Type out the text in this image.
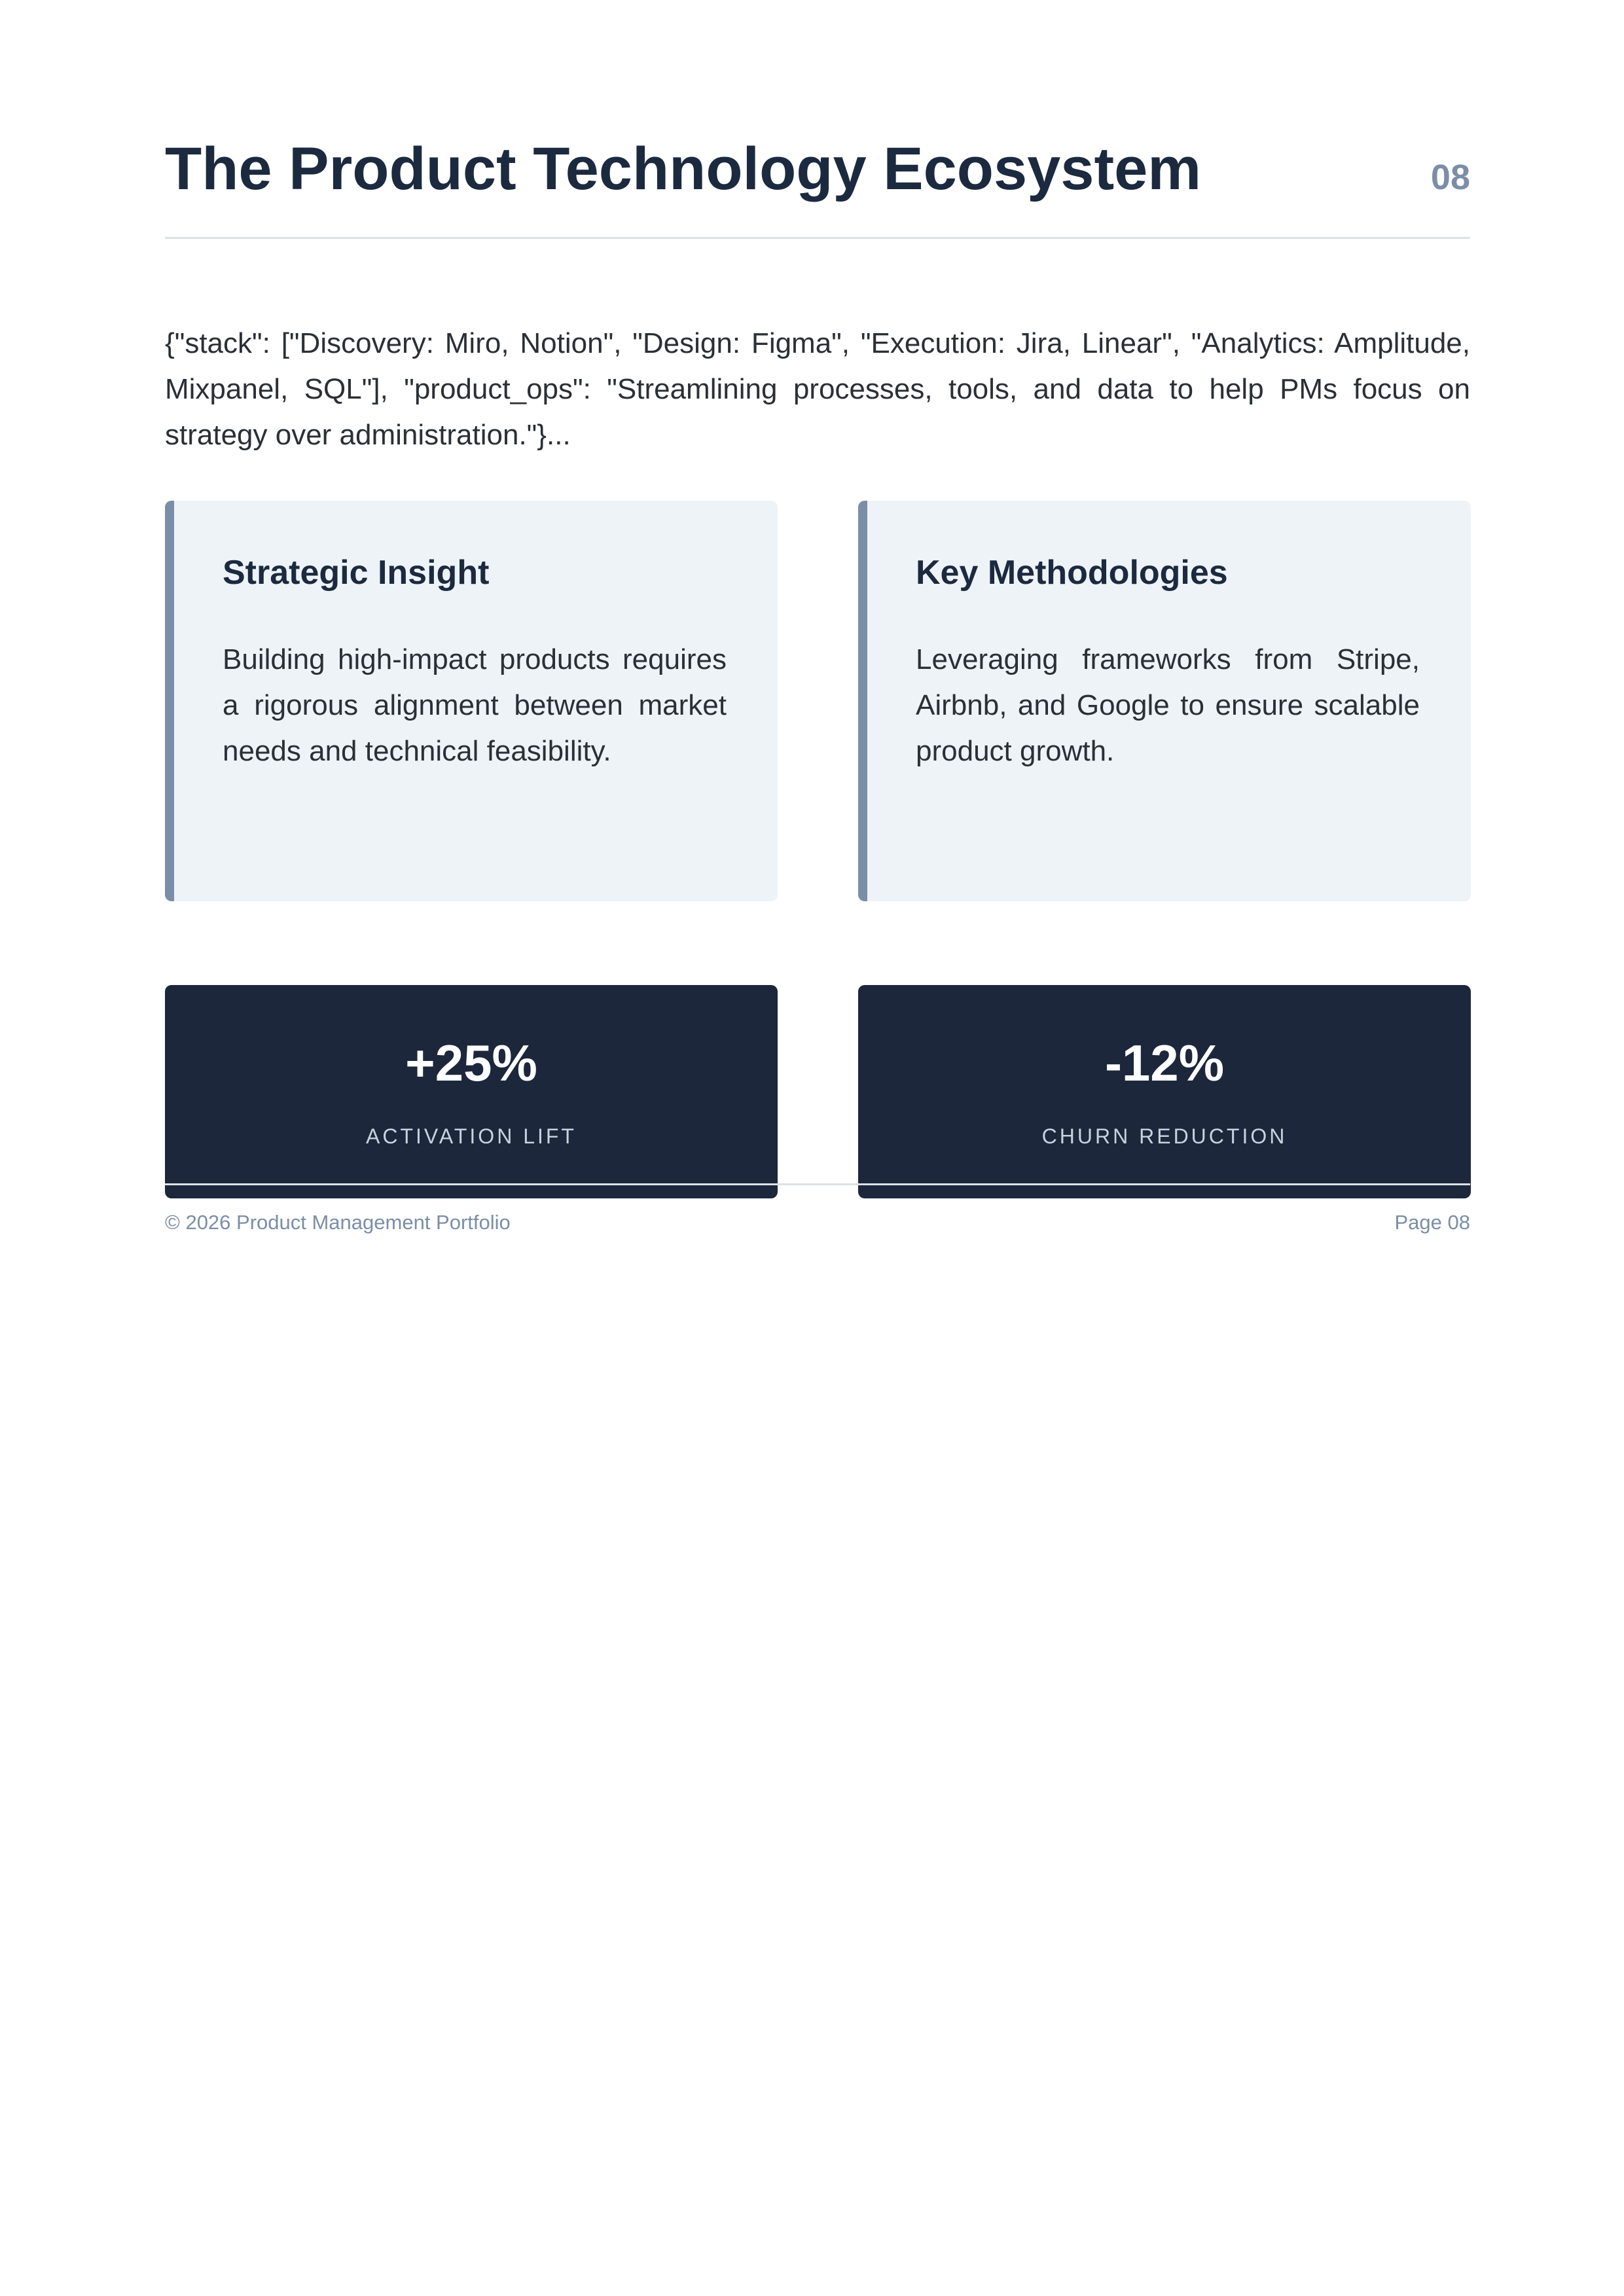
The Product Technology Ecosystem	08

{"stack": ["Discovery: Miro, Notion", "Design: Figma", "Execution: Jira, Linear", "Analytics: Amplitude, Mixpanel, SQL"], "product_ops": "Streamlining processes, tools, and data to help PMs focus on strategy over administration."}...

Strategic Insight

Building high-impact products requires a rigorous alignment between market needs and technical feasibility.

Key Methodologies

Leveraging frameworks from Stripe, Airbnb, and Google to ensure scalable product growth.

+25%
ACTIVATION LIFT
-12%
CHURN REDUCTION
© 2026 Product Management Portfolio	Page 08
